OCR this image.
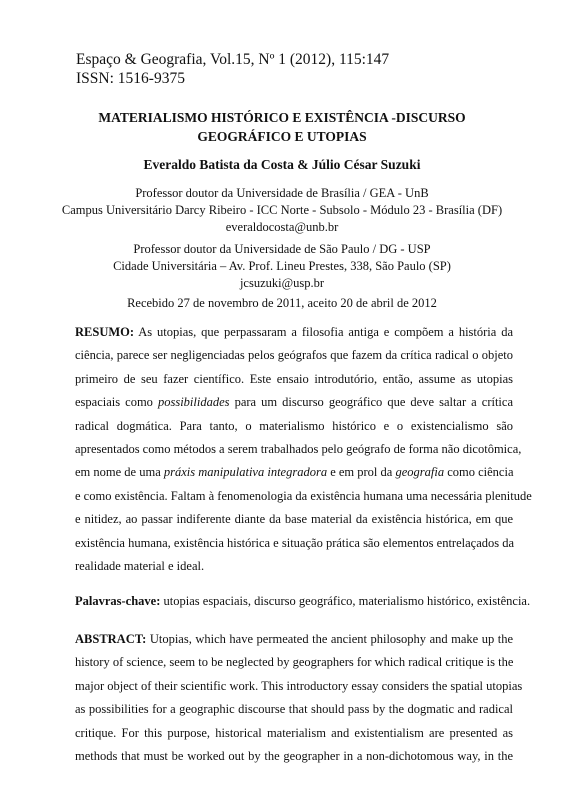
Espaço & Geografia, Vol.15, Nº 1 (2012), 115:147
ISSN: 1516-9375
MATERIALISMO HISTÓRICO E EXISTÊNCIA -DISCURSO
GEOGRÁFICO E UTOPIAS
Everaldo Batista da Costa & Júlio César Suzuki
Professor doutor da Universidade de Brasília / GEA - UnB
Campus Universitário Darcy Ribeiro - ICC Norte - Subsolo - Módulo 23 - Brasília (DF)
everaldocosta@unb.br
Professor doutor da Universidade de São Paulo / DG - USP
Cidade Universitária – Av. Prof. Lineu Prestes, 338, São Paulo (SP)
jcsuzuki@usp.br
Recebido 27 de novembro de 2011, aceito 20 de abril de 2012
RESUMO: As utopias, que perpassaram a filosofia antiga e compõem a história da
ciência, parece ser negligenciadas pelos geógrafos que fazem da crítica radical o objeto
primeiro de seu fazer científico. Este ensaio introdutório, então, assume as utopias
espaciais como possibilidades para um discurso geográfico que deve saltar a crítica
radical dogmática. Para tanto, o materialismo histórico e o existencialismo são
apresentados como métodos a serem trabalhados pelo geógrafo de forma não dicotômica,
em nome de uma práxis manipulativa integradora e em prol da geografia como ciência
e como existência. Faltam à fenomenologia da existência humana uma necessária plenitude
e nitidez, ao passar indiferente diante da base material da existência histórica, em que
existência humana, existência histórica e situação prática são elementos entrelaçados da
realidade material e ideal.
Palavras-chave: utopias espaciais, discurso geográfico, materialismo histórico, existência.
ABSTRACT: Utopias, which have permeated the ancient philosophy and make up the
history of science, seem to be neglected by geographers for which radical critique is the
major object of their scientific work. This introductory essay considers the spatial utopias
as possibilities for a geographic discourse that should pass by the dogmatic and radical
critique. For this purpose, historical materialism and existentialism are presented as
methods that must be worked out by the geographer in a non-dichotomous way, in the
